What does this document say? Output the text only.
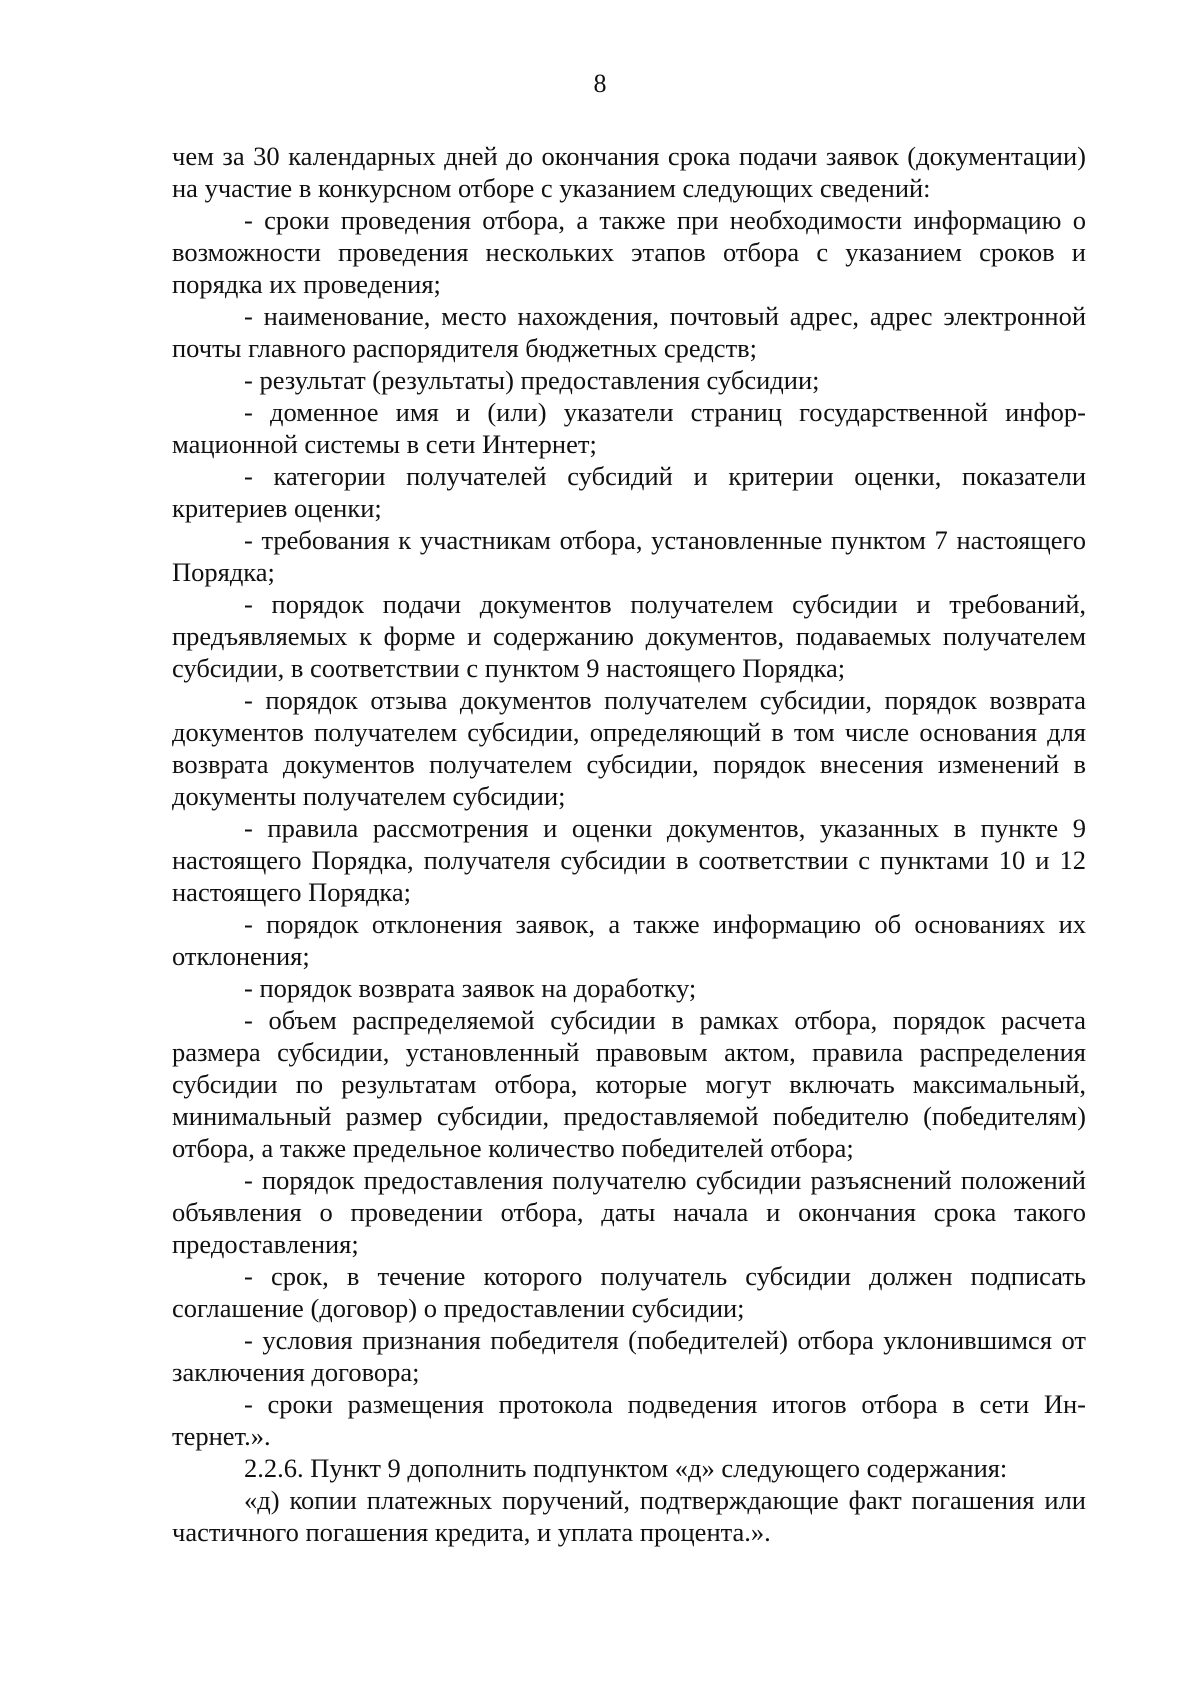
8

чем за 30 календарных дней до окончания срока подачи заявок (документации) на участие в конкурсном отборе с указанием следующих сведений:

- сроки проведения отбора, а также при необходимости информацию о возможности проведения нескольких этапов отбора с указанием сроков и порядка их проведения;

- наименование, место нахождения, почтовый адрес, адрес электронной почты главного распорядителя бюджетных средств;

- результат (результаты) предоставления субсидии;

- доменное имя и (или) указатели страниц государственной информационной системы в сети Интернет;

- категории получателей субсидий и критерии оценки, показатели критериев оценки;

- требования к участникам отбора, установленные пунктом 7 настоящего Порядка;

- порядок подачи документов получателем субсидии и требований, предъявляемых к форме и содержанию документов, подаваемых получателем субсидии, в соответствии с пунктом 9 настоящего Порядка;

- порядок отзыва документов получателем субсидии, порядок возврата документов получателем субсидии, определяющий в том числе основания для возврата документов получателем субсидии, порядок внесения изменений в документы получателем субсидии;

- правила рассмотрения и оценки документов, указанных в пункте 9 настоящего Порядка, получателя субсидии в соответствии с пунктами 10 и 12 настоящего Порядка;

- порядок отклонения заявок, а также информацию об основаниях их отклонения;

- порядок возврата заявок на доработку;

- объем распределяемой субсидии в рамках отбора, порядок расчета размера субсидии, установленный правовым актом, правила распределения субсидии по результатам отбора, которые могут включать максимальный, минимальный размер субсидии, предоставляемой победителю (победителям) отбора, а также предельное количество победителей отбора;

- порядок предоставления получателю субсидии разъяснений положений объявления о проведении отбора, даты начала и окончания срока такого предоставления;

- срок, в течение которого получатель субсидии должен подписать соглашение (договор) о предоставлении субсидии;

- условия признания победителя (победителей) отбора уклонившимся от заключения договора;

- сроки размещения протокола подведения итогов отбора в сети Интернет.».

2.2.6. Пункт 9 дополнить подпунктом «д» следующего содержания:

«д) копии платежных поручений, подтверждающие факт погашения или частичного погашения кредита, и уплата процента.».
